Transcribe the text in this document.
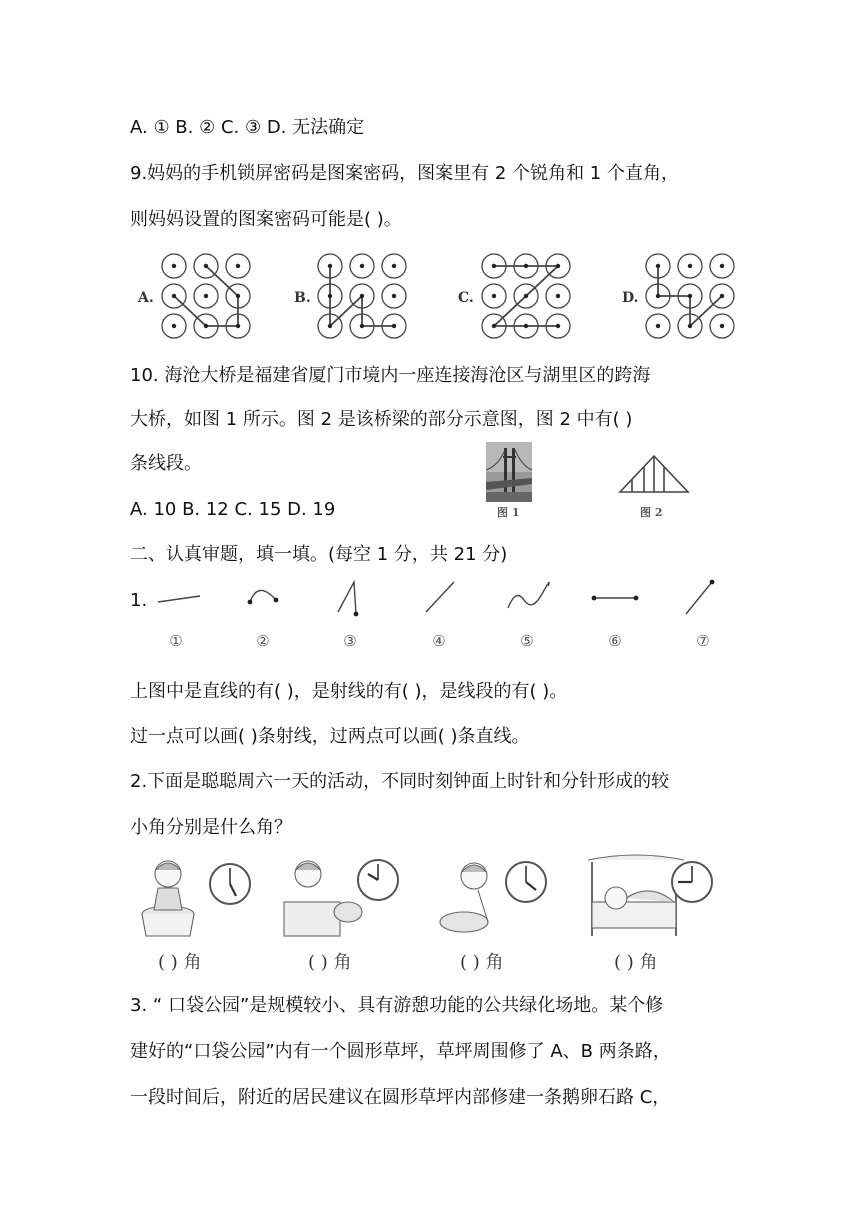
A. ① B. ② C. ③ D. 无法确定
9.妈妈的手机锁屏密码是图案密码，图案里有 2 个锐角和 1 个直角，
则妈妈设置的图案密码可能是( )。
A.	B.	C.	D.
10. 海沧大桥是福建省厦门市境内一座连接海沧区与湖里区的跨海
大桥，如图 1 所示。图 2 是该桥梁的部分示意图，图 2 中有( )
条线段。
A. 10 B. 12 C. 15 D. 19	图 1	图 2
二、认真审题，填一填。(每空 1 分，共 21 分)
1.
①	②	③	④	⑤	⑥	⑦
上图中是直线的有( )，是射线的有( )，是线段的有( )。
过一点可以画( )条射线，过两点可以画( )条直线。
2.下面是聪聪周六一天的活动，不同时刻钟面上时针和分针形成的较
小角分别是什么角？
( ) 角	( ) 角	( ) 角	( ) 角
3. “ 口袋公园”是规模较小、具有游憩功能的公共绿化场地。某个修
建好的“口袋公园”内有一个圆形草坪，草坪周围修了 A、B 两条路，
一段时间后，附近的居民建议在圆形草坪内部修建一条鹅卵石路 C，
